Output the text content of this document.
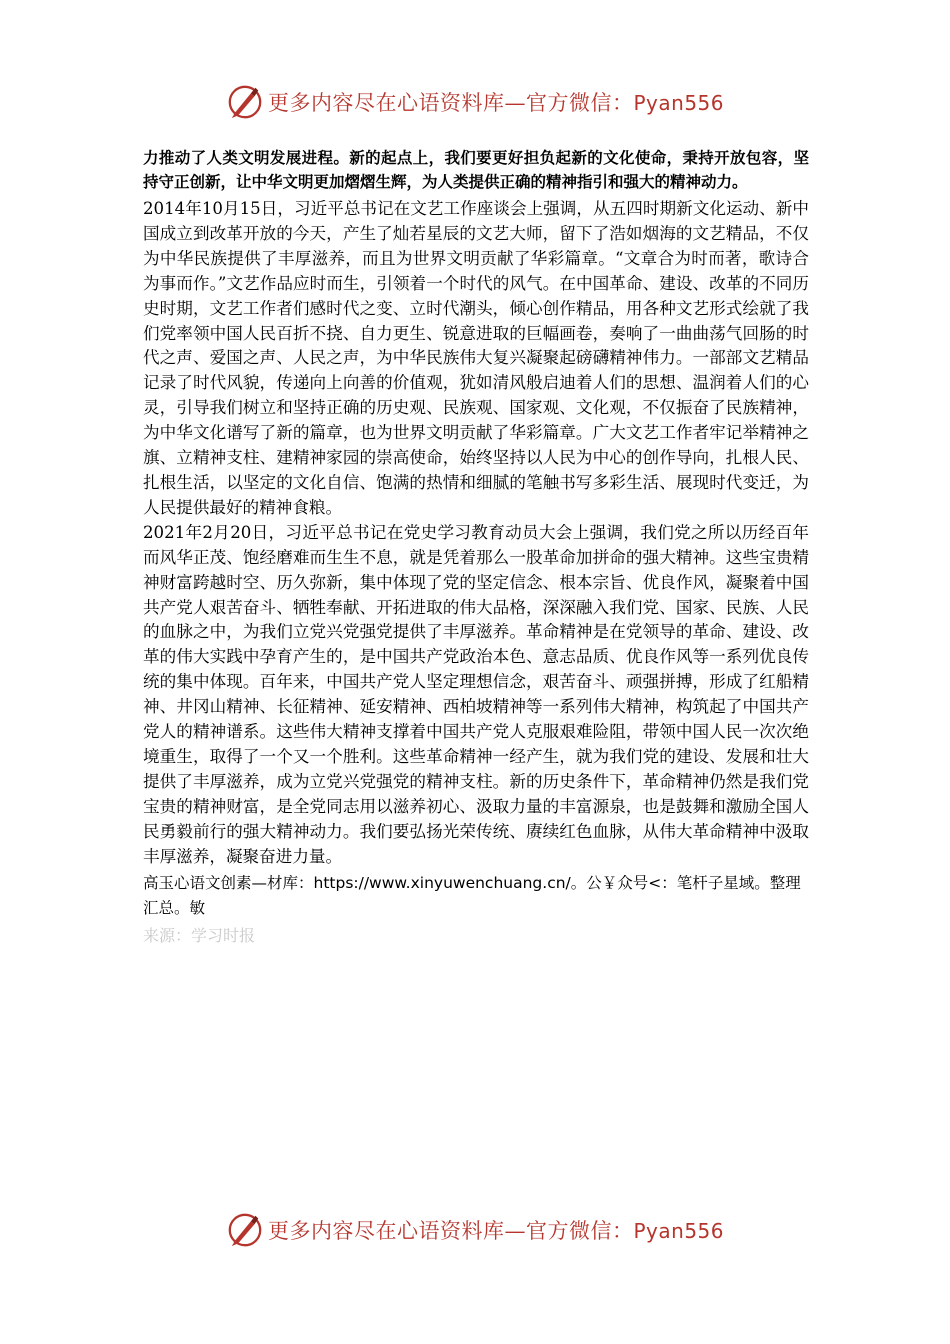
更多内容尽在心语资料库—官方微信：Pyan556

力推动了人类文明发展进程。新的起点上，我们要更好担负起新的文化使命，秉持开放包容，坚持守正创新，让中华文明更加熠熠生辉，为人类提供正确的精神指引和强大的精神动力。

2014年10月15日，习近平总书记在文艺工作座谈会上强调，从五四时期新文化运动、新中国成立到改革开放的今天，产生了灿若星辰的文艺大师，留下了浩如烟海的文艺精品，不仅为中华民族提供了丰厚滋养，而且为世界文明贡献了华彩篇章。“文章合为时而著，歌诗合为事而作。”文艺作品应时而生，引领着一个时代的风气。在中国革命、建设、改革的不同历史时期，文艺工作者们感时代之变、立时代潮头，倾心创作精品，用各种文艺形式绘就了我们党率领中国人民百折不挠、自力更生、锐意进取的巨幅画卷，奏响了一曲曲荡气回肠的时代之声、爱国之声、人民之声，为中华民族伟大复兴凝聚起磅礴精神伟力。一部部文艺精品记录了时代风貌，传递向上向善的价值观，犹如清风般启迪着人们的思想、温润着人们的心灵，引导我们树立和坚持正确的历史观、民族观、国家观、文化观，不仅振奋了民族精神，为中华文化谱写了新的篇章，也为世界文明贡献了华彩篇章。广大文艺工作者牢记举精神之旗、立精神支柱、建精神家园的崇高使命，始终坚持以人民为中心的创作导向，扎根人民、扎根生活，以坚定的文化自信、饱满的热情和细腻的笔触书写多彩生活、展现时代变迁，为人民提供最好的精神食粮。

2021年2月20日，习近平总书记在党史学习教育动员大会上强调，我们党之所以历经百年而风华正茂、饱经磨难而生生不息，就是凭着那么一股革命加拼命的强大精神。这些宝贵精神财富跨越时空、历久弥新，集中体现了党的坚定信念、根本宗旨、优良作风，凝聚着中国共产党人艰苦奋斗、牺牲奉献、开拓进取的伟大品格，深深融入我们党、国家、民族、人民的血脉之中，为我们立党兴党强党提供了丰厚滋养。革命精神是在党领导的革命、建设、改革的伟大实践中孕育产生的，是中国共产党政治本色、意志品质、优良作风等一系列优良传统的集中体现。百年来，中国共产党人坚定理想信念，艰苦奋斗、顽强拼搏，形成了红船精神、井冈山精神、长征精神、延安精神、西柏坡精神等一系列伟大精神，构筑起了中国共产党人的精神谱系。这些伟大精神支撑着中国共产党人克服艰难险阻，带领中国人民一次次绝境重生，取得了一个又一个胜利。这些革命精神一经产生，就为我们党的建设、发展和壮大提供了丰厚滋养，成为立党兴党强党的精神支柱。新的历史条件下，革命精神仍然是我们党宝贵的精神财富，是全党同志用以滋养初心、汲取力量的丰富源泉，也是鼓舞和激励全国人民勇毅前行的强大精神动力。我们要弘扬光荣传统、赓续红色血脉，从伟大革命精神中汲取丰厚滋养，凝聚奋进力量。

高玉心语文创素—材库：https://www.xinyuwenchuang.cn/。公￥众号<：笔杆子星域。整理汇总。敏

来源：学习时报

更多内容尽在心语资料库—官方微信：Pyan556
